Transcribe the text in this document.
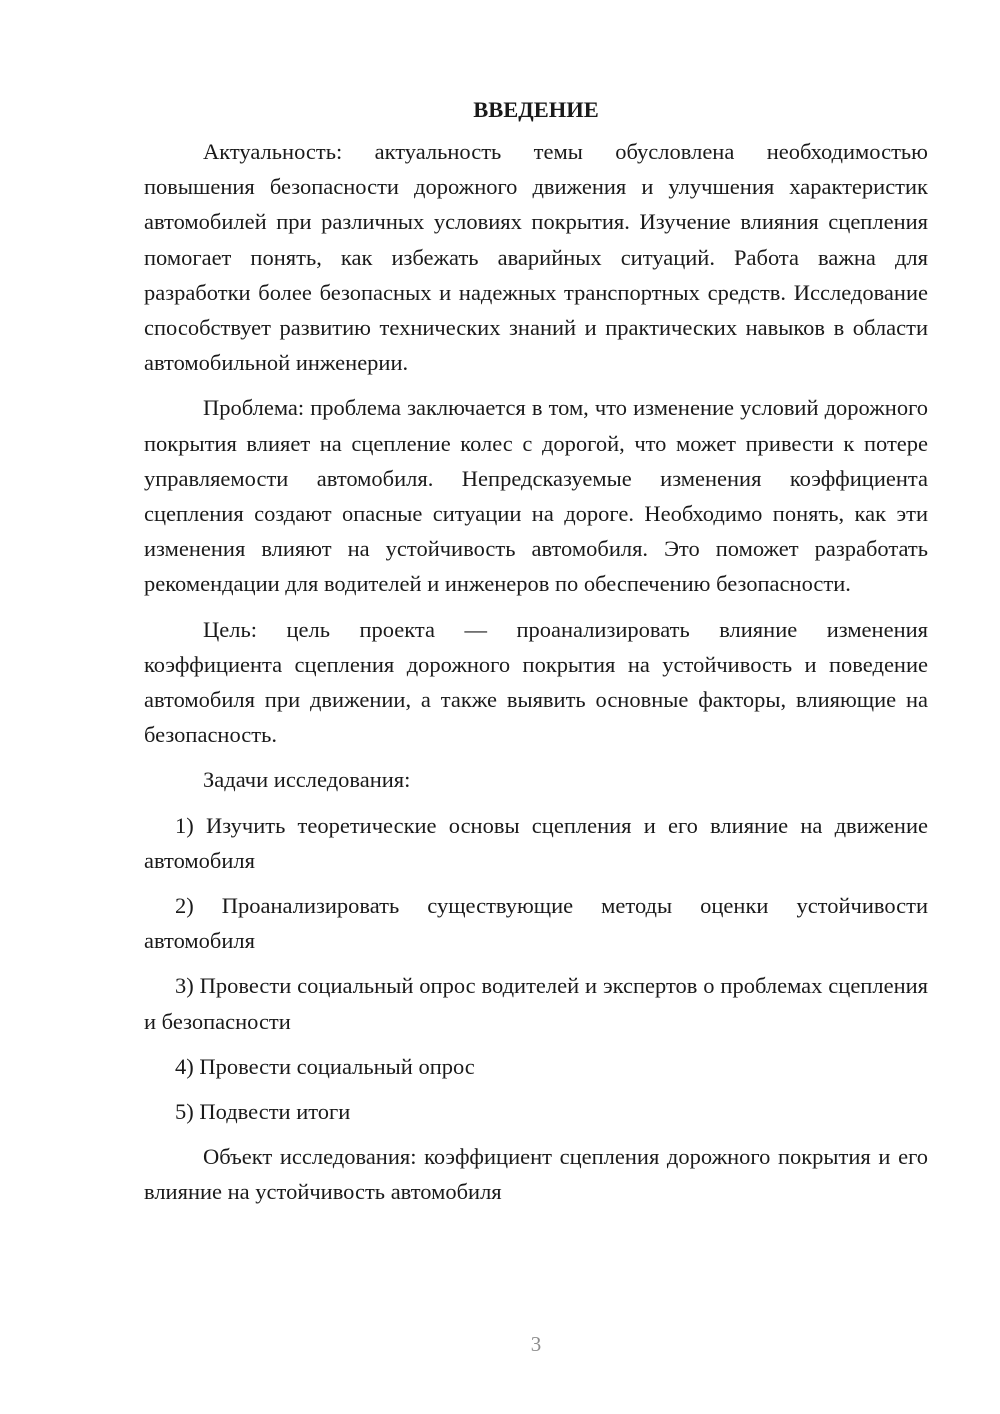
ВВЕДЕНИЕ

Актуальность: актуальность темы обусловлена необходимостью повышения безопасности дорожного движения и улучшения характеристик автомобилей при различных условиях покрытия. Изучение влияния сцепления помогает понять, как избежать аварийных ситуаций. Работа важна для разработки более безопасных и надежных транспортных средств. Исследование способствует развитию технических знаний и практических навыков в области автомобильной инженерии.

Проблема: проблема заключается в том, что изменение условий дорожного покрытия влияет на сцепление колес с дорогой, что может привести к потере управляемости автомобиля. Непредсказуемые изменения коэффициента сцепления создают опасные ситуации на дороге. Необходимо понять, как эти изменения влияют на устойчивость автомобиля. Это поможет разработать рекомендации для водителей и инженеров по обеспечению безопасности.

Цель: цель проекта — проанализировать влияние изменения коэффициента сцепления дорожного покрытия на устойчивость и поведение автомобиля при движении, а также выявить основные факторы, влияющие на безопасность.

Задачи исследования:

1) Изучить теоретические основы сцепления и его влияние на движение автомобиля

2) Проанализировать существующие методы оценки устойчивости автомобиля

3) Провести социальный опрос водителей и экспертов о проблемах сцепления и безопасности

4) Провести социальный опрос

5) Подвести итоги

Объект исследования: коэффициент сцепления дорожного покрытия и его влияние на устойчивость автомобиля

3
